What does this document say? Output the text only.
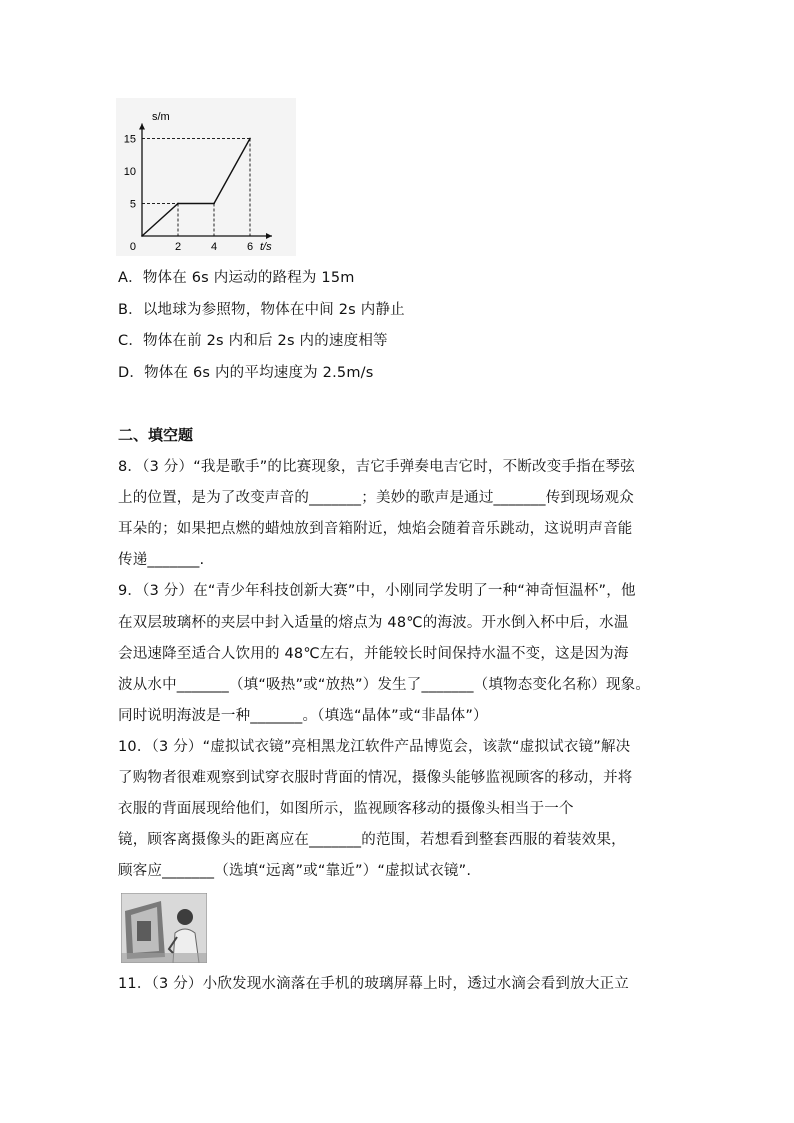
2	4	6
5
10
15
0
s/m
t/s
A．物体在 6s 内运动的路程为 15m
B．以地球为参照物，物体在中间 2s 内静止
C．物体在前 2s 内和后 2s 内的速度相等
D．物体在 6s 内的平均速度为 2.5m/s
二、填空题
8．（3 分）“我是歌手”的比赛现象，吉它手弹奏电吉它时，不断改变手指在琴弦
上的位置，是为了改变声音的_______；美妙的歌声是通过_______传到现场观众
耳朵的；如果把点燃的蜡烛放到音箱附近，烛焰会随着音乐跳动，这说明声音能
传递_______.
9．（3 分）在“青少年科技创新大赛”中，小刚同学发明了一种“神奇恒温杯”，他
在双层玻璃杯的夹层中封入适量的熔点为 48℃的海波。开水倒入杯中后，水温
会迅速降至适合人饮用的 48℃左右，并能较长时间保持水温不变，这是因为海
波从水中_______（填“吸热”或“放热”）发生了_______（填物态变化名称）现象。
同时说明海波是一种_______。（填选“晶体”或“非晶体”）
10．（3 分）“虚拟试衣镜”亮相黑龙江软件产品博览会，该款“虚拟试衣镜”解决
了购物者很难观察到试穿衣服时背面的情况，摄像头能够监视顾客的移动，并将
衣服的背面展现给他们，如图所示，监视顾客移动的摄像头相当于一个
镜，顾客离摄像头的距离应在_______的范围，若想看到整套西服的着装效果，
顾客应_______（选填“远离”或“靠近”）“虚拟试衣镜”.
11．（3 分）小欣发现水滴落在手机的玻璃屏幕上时，透过水滴会看到放大正立
